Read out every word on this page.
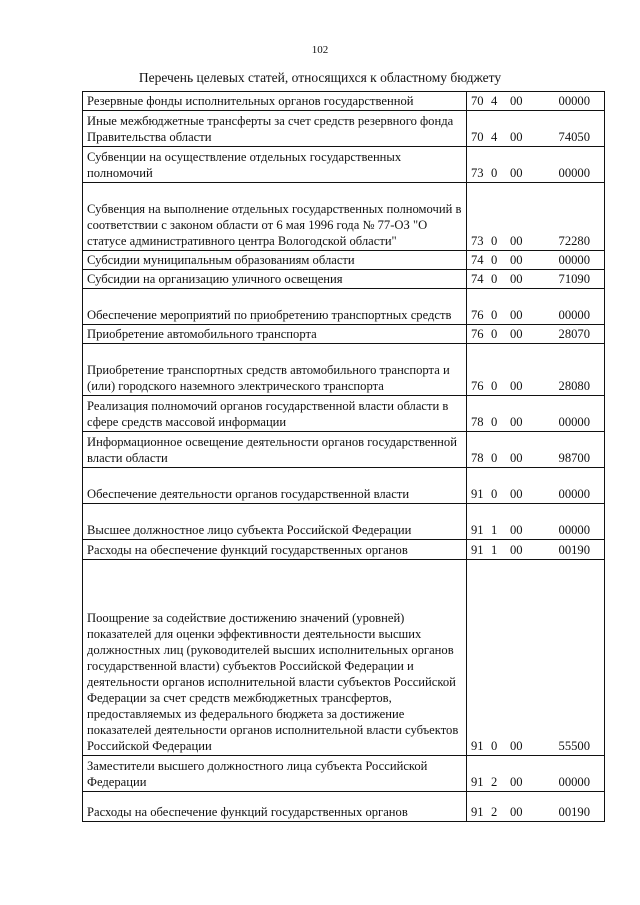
102
Перечень целевых статей, относящихся к областному бюджету
Резервные фонды исполнительных органов государственной	70 4 00 00000
Иные межбюджетные трансферты за счет средств резервного фонда Правительства области	70 4 00 74050
Субвенции на осуществление отдельных государственных полномочий	73 0 00 00000
Субвенция на выполнение отдельных государственных полномочий в соответствии с законом области от 6 мая 1996 года № 77-ОЗ "О статусе административного центра Вологодской области"	73 0 00 72280
Субсидии муниципальным образованиям области	74 0 00 00000
Субсидии на организацию уличного освещения	74 0 00 71090
Обеспечение мероприятий по приобретению транспортных средств	76 0 00 00000
Приобретение автомобильного транспорта	76 0 00 28070
Приобретение транспортных средств автомобильного транспорта и (или) городского наземного электрического транспорта	76 0 00 28080
Реализация полномочий органов государственной власти области в сфере средств массовой информации	78 0 00 00000
Информационное освещение деятельности органов государственной власти области	78 0 00 98700
Обеспечение деятельности органов государственной власти	91 0 00 00000
Высшее должностное лицо субъекта Российской Федерации	91 1 00 00000
Расходы на обеспечение функций государственных органов	91 1 00 00190
Поощрение за содействие достижению значений (уровней) показателей для оценки эффективности деятельности высших должностных лиц (руководителей высших исполнительных органов государственной власти) субъектов Российской Федерации и деятельности органов исполнительной власти субъектов Российской Федерации за счет средств межбюджетных трансфертов, предоставляемых из федерального бюджета за достижение показателей деятельности органов исполнительной власти субъектов Российской Федерации	91 0 00 55500
Заместители высшего должностного лица субъекта Российской Федерации	91 2 00 00000
Расходы на обеспечение функций государственных органов	91 2 00 00190
